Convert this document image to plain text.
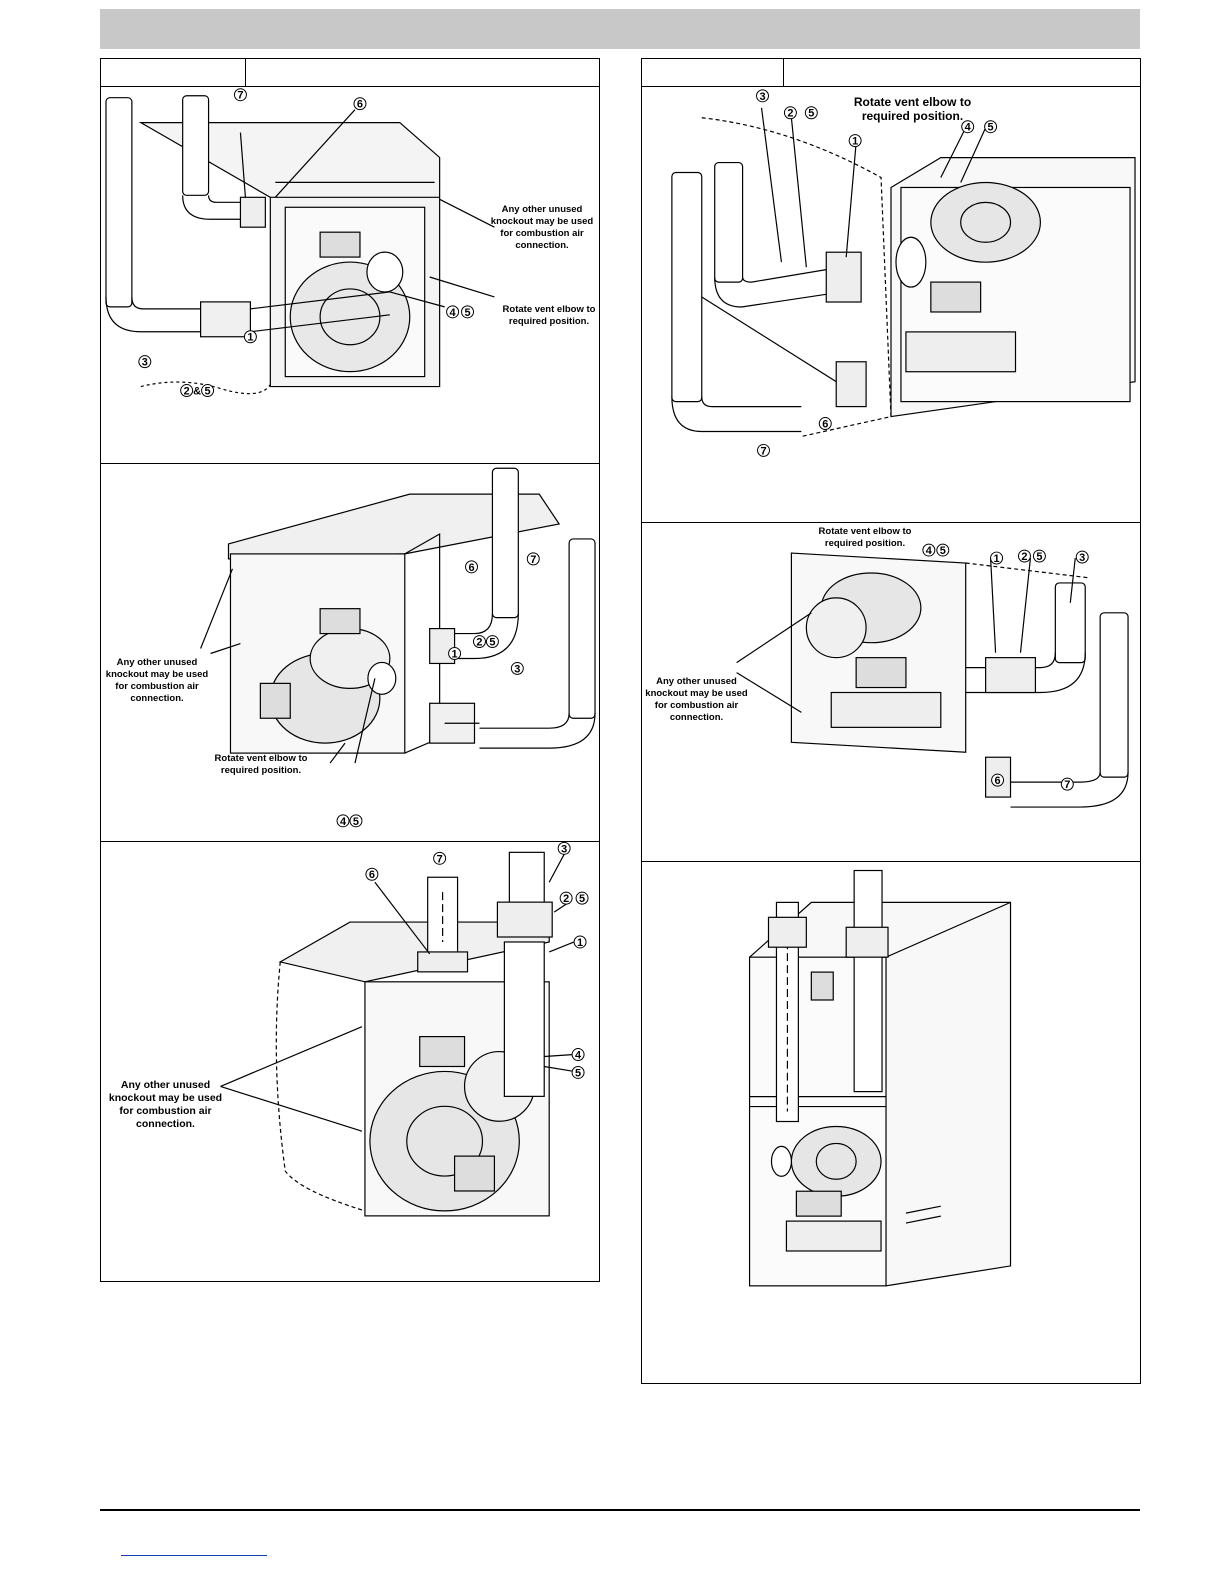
7
6
1
3
2 & 5
4 5
Any other unused knockout may be used for combustion air connection.
Rotate vent elbow to required position.
6
7
2 5
1
3
4 5
Any other unused knockout may be used for combustion air connection.
Rotate vent elbow to required position.
7
6
3
2 5
1
4
5
Any other unused knockout may be used for combustion air connection.
3
2 5
1
4 5
6
7
Rotate vent elbow to required position.
4 5
1 2 5	3
6	7
Rotate vent elbow to required position.
Any other unused knockout may be used for combustion air connection.
